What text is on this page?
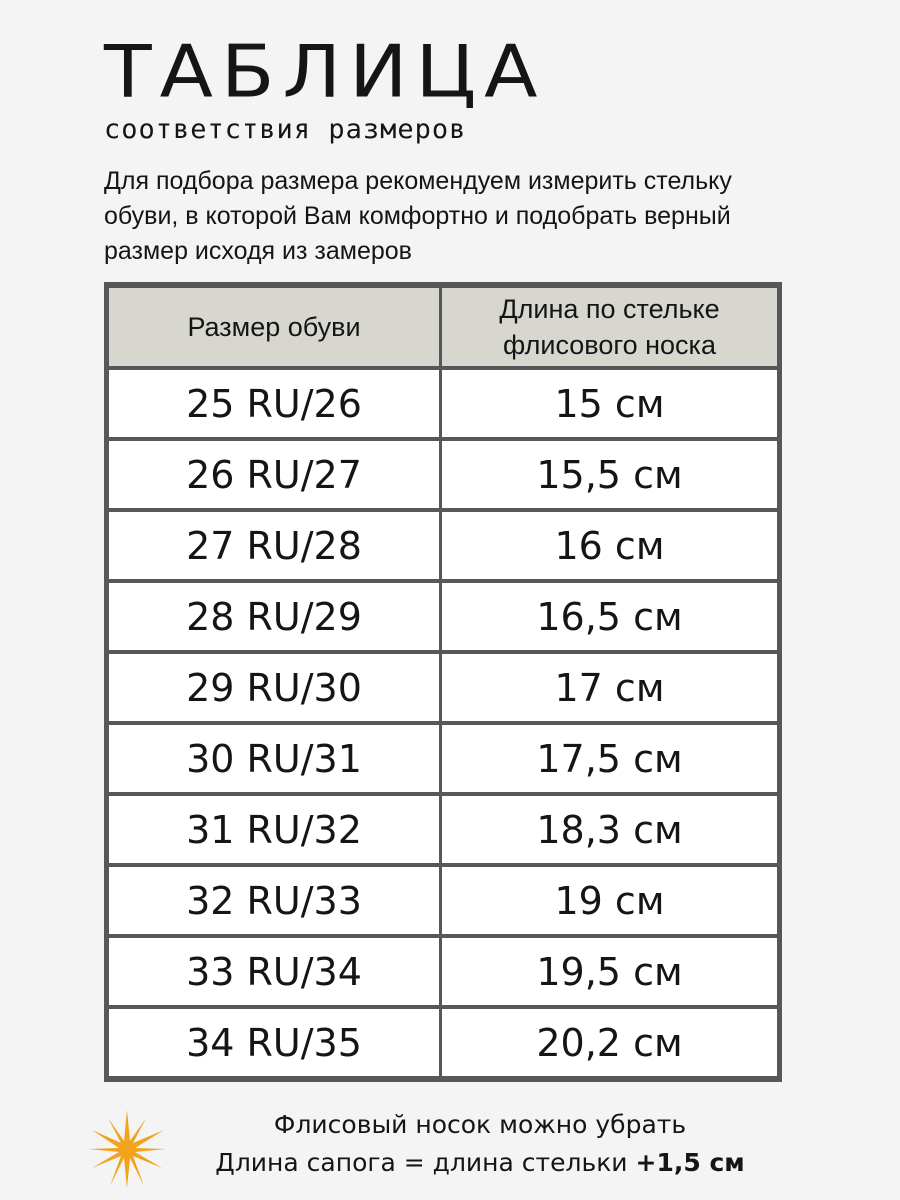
ТАБЛИЦА
соответствия размеров
Для подбора размера рекомендуем измерить стельку обуви, в которой Вам комфортно и подобрать верный размер исходя из замеров
Размер обуви	Длина по стельке флисового носка
25 RU/26	15 см
26 RU/27	15,5 см
27 RU/28	16 см
28 RU/29	16,5 см
29 RU/30	17 см
30 RU/31	17,5 см
31 RU/32	18,3 см
32 RU/33	19 см
33 RU/34	19,5 см
34 RU/35	20,2 см
Флисовый носок можно убрать
Длина сапога = длина стельки +1,5 см
